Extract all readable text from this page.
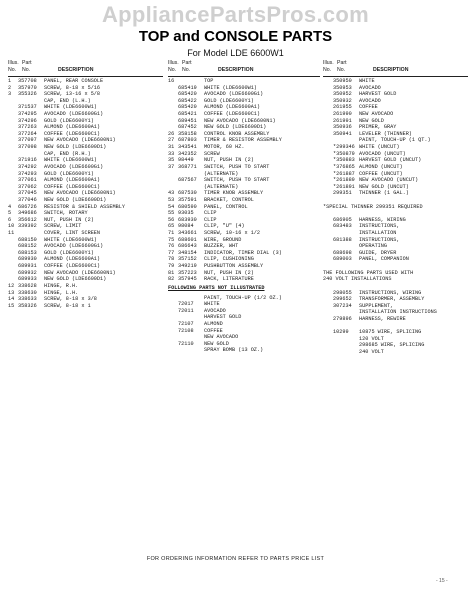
AppliancePartsPros.com
TOP and CONSOLE PARTS
For Model LDE 6600W1
Illus. Part
No. No.	DESCRIPTION
1	357708	PANEL, REAR CONSOLE
2	357970	SCREW, 8-18 x 5/16
3	355326	SCREW, 13-16 x 5/8
CAP, END (L.H.)
371537	WHITE (LDE6600W1)
374295	AVOCADO (LDE6600G1)
374296	GOLD (LDE6600Y1)
377263	ALMOND (LDE6600A1)
377264	COFFEE (LDE6600C1)
377097	NEW AVOCADO (LDE6600N1)
377098	NEW GOLD (LDE6600D1)
CAP, END (R.H.)
371916	WHITE (LDE6600W1)
374292	AVOCADO (LDE6600G1)
374293	GOLD (LDE6600Y1)
377061	ALMOND (LDE6600A1)
377062	COFFEE (LDE6600C1)
377045	NEW AVOCADO (LDE6600N1)
377046	NEW GOLD (LDE6600D1)
4	686726	RESISTOR & SHIELD ASSEMBLY
5	349686	SWITCH, ROTARY
6	356612	NUT, PUSH IN (2)
10 339392	SCREW, LIMIT
11	COVER, LINT SCREEN
688150	WHITE (LDE6600W1)
688152	AVOCADO (LDE6600G1)
688153	GOLD (LDE6600Y1)
689930	ALMOND (LDE6600A1)
689931	COFFEE (LDE6600C1)
689932	NEW AVOCADO (LDE6600N1)
689933	NEW GOLD (LDE6600D1)
12 338628	HINGE, R.H.
13 338630	HINGE, L.H.
14 338633	SCREW, 8-18 x 3/8
15 358326	SCREW, 8-18 x 1
Illus. Part
No. No.	DESCRIPTION
16	TOP
685419	WHITE (LDE6600W1)
685420	AVOCADO (LDE6600G1)
685422	GOLD (LDE6600Y1)
685420	ALMOND (LDE6600A1)
685421	COFFEE (LDE6600C1)
689451	NEW AVOCADO (LDE6600N1)
687452	NEW GOLD (LDE6600D1)
26 358158	CONTROL KNOB ASSEMBLY
27 687803	TIMER & RESISTOR ASSEMBLY
31 343541	MOTOR, 60 HZ.
33 342352	SCREW
35 98449	NUT, PUSH IN (2)
37 368771	SWITCH, PUSH TO START
(ALTERNATE)
687567	SWITCH, PUSH TO START
(ALTERNATE)
43 687530	TIMER KNOB ASSEMBLY
53 357591	BRACKET, CONTROL
54 680590	PANEL, CONTROL
55 93035	CLIP
56 683930	CLIP
65 98084	CLIP, "U" (4)
71 343661	SCREW, 10-16 x 1/2
75 688601	WIRE, GROUND
76 686643	BUZZER, WHT
77 348154	INDICATOR, TIMER DIAL (3)
78 357152	CLIP, CUSHIONING
79 349219	PUSHBUTTON ASSEMBLY
81 357223	NUT, PUSH IN (2)
82 357945	RACK, LITERATURE
FOLLOWING PARTS NOT ILLUSTRATED
PAINT, TOUCH-UP (1/2 OZ.)
72017	WHITE
72011	AVOCADO
HARVEST GOLD
72107	ALMOND
72108	COFFEE
NEW AVOCADO
72110	NEW GOLD
SPRAY BOMB (13 OZ.)
Illus. Part
No. No.	DESCRIPTION
350950	WHITE
350953	AVOCADO
350952	HARVEST GOLD
350932	AVOCADO
261955	COFFEE
261990	NEW AVOCADO
261991	NEW GOLD
350936	PRIMER, GRAY
350941	LEVELER (THINNER)
PAINT, TOUCH-UP (1 QT.)
*299346 WHITE (UNCUT)
*350879 AVOCADO (UNCUT)
*350883 HARVEST GOLD (UNCUT)
*376865 ALMOND (UNCUT)
*261887 COFFEE (UNCUT)
*261889 NEW AVOCADO (UNCUT)
*261891 NEW GOLD (UNCUT)
299351	THINNER (1 GAL.)
*SPECIAL THINNER 299351 REQUIRED
686905	HARNESS, WIRING
683483	INSTRUCTIONS,
INSTALLATION
681388	INSTRUCTIONS,
OPERATING
688698	GUIDE, DRYER
689003	PANEL, COMPANION
THE FOLLOWING PARTS USED WITH
240 VOLT INSTALLATIONS
298055	INSTRUCTIONS, WIRING
299652	TRANSFORMER, ASSEMBLY
307234	SUPPLEMENT,
INSTALLATION INSTRUCTIONS
279896	HARNESS, REWIRE
10299	10875 WIRE, SPLICING
120 VOLT
298685 WIRE, SPLICING
240 VOLT
FOR ORDERING INFORMATION REFER TO PARTS PRICE LIST
- 15 -
